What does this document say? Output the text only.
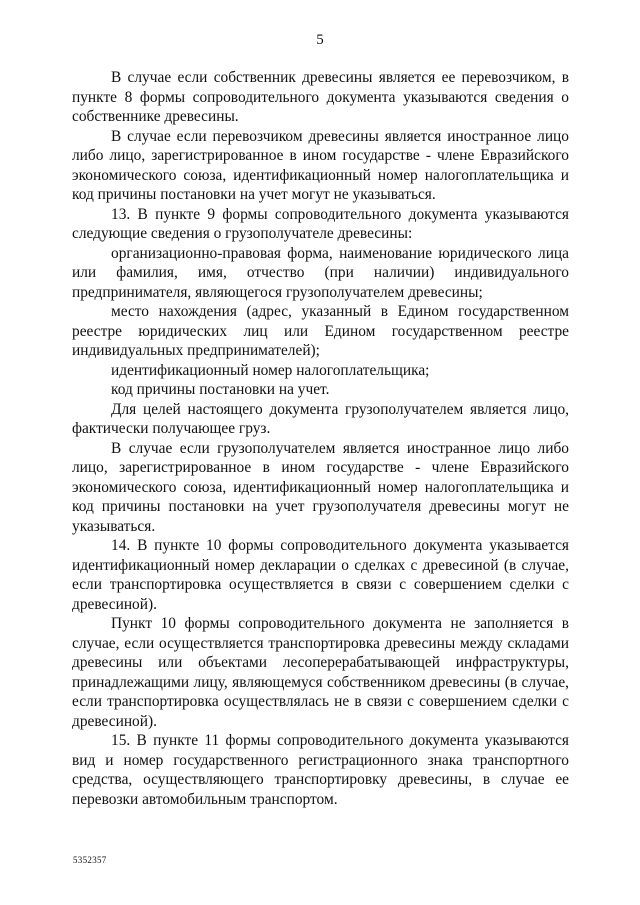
5

В случае если собственник древесины является ее перевозчиком, в пункте 8 формы сопроводительного документа указываются сведения о собственнике древесины.

В случае если перевозчиком древесины является иностранное лицо либо лицо, зарегистрированное в ином государстве - члене Евразийского экономического союза, идентификационный номер налогоплательщика и код причины постановки на учет могут не указываться.

13. В пункте 9 формы сопроводительного документа указываются следующие сведения о грузополучателе древесины:

организационно-правовая форма, наименование юридического лица или фамилия, имя, отчество (при наличии) индивидуального предпринимателя, являющегося грузополучателем древесины;

место нахождения (адрес, указанный в Едином государственном реестре юридических лиц или Едином государственном реестре индивидуальных предпринимателей);

идентификационный номер налогоплательщика;

код причины постановки на учет.

Для целей настоящего документа грузополучателем является лицо, фактически получающее груз.

В случае если грузополучателем является иностранное лицо либо лицо, зарегистрированное в ином государстве - члене Евразийского экономического союза, идентификационный номер налогоплательщика и код причины постановки на учет грузополучателя древесины могут не указываться.

14. В пункте 10 формы сопроводительного документа указывается идентификационный номер декларации о сделках с древесиной (в случае, если транспортировка осуществляется в связи с совершением сделки с древесиной).

Пункт 10 формы сопроводительного документа не заполняется в случае, если осуществляется транспортировка древесины между складами древесины или объектами лесоперерабатывающей инфраструктуры, принадлежащими лицу, являющемуся собственником древесины (в случае, если транспортировка осуществлялась не в связи с совершением сделки с древесиной).

15. В пункте 11 формы сопроводительного документа указываются вид и номер государственного регистрационного знака транспортного средства, осуществляющего транспортировку древесины, в случае ее перевозки автомобильным транспортом.

5352357
